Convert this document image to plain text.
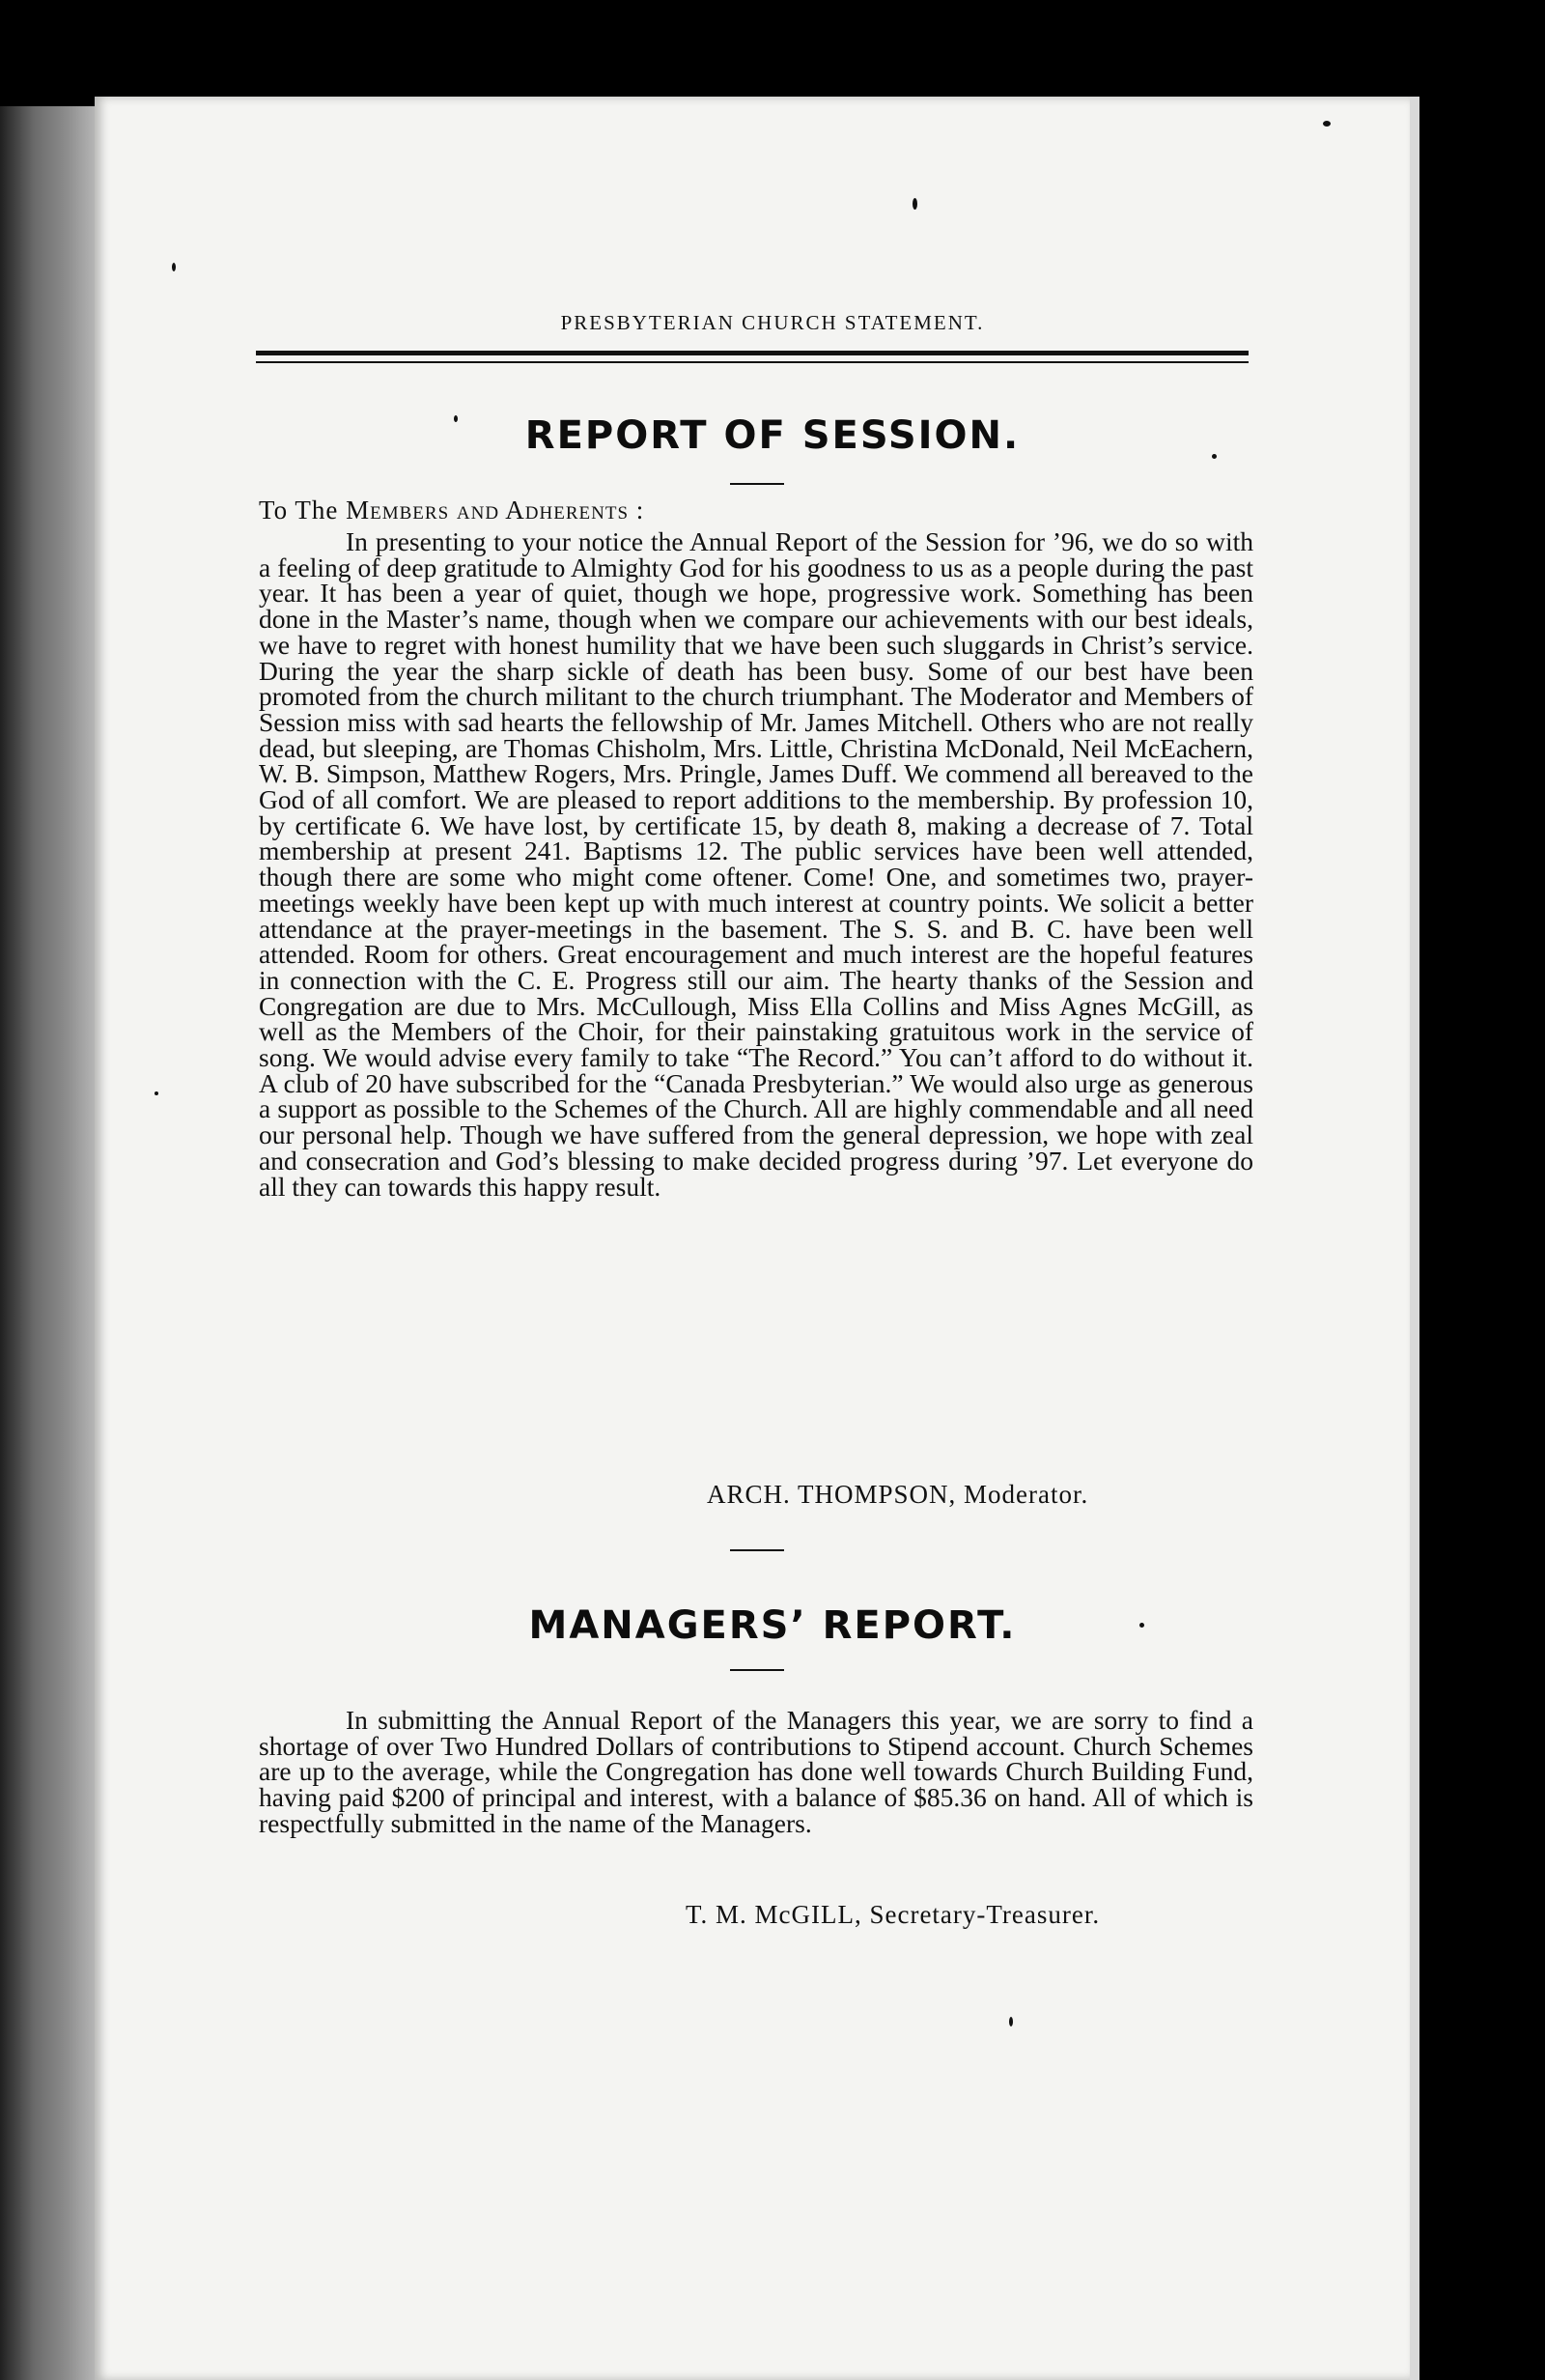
PRESBYTERIAN CHURCH STATEMENT.
REPORT OF SESSION.
To The Members and Adherents :

In presenting to your notice the Annual Report of the Session for ’96, we do so with a feeling of deep gratitude to Almighty God for his goodness to us as a people during the past year. It has been a year of quiet, though we hope, progressive work. Something has been done in the Master’s name, though when we compare our achievements with our best ideals, we have to regret with honest humility that we have been such sluggards in Christ’s service. During the year the sharp sickle of death has been busy. Some of our best have been promoted from the church militant to the church triumphant. The Moderator and Members of Session miss with sad hearts the fellowship of Mr. James Mitchell. Others who are not really dead, but sleeping, are Thomas Chisholm, Mrs. Little, Christina McDonald, Neil McEachern, W. B. Simpson, Matthew Rogers, Mrs. Pringle, James Duff. We commend all bereaved to the God of all comfort. We are pleased to report additions to the membership. By profession 10, by certificate 6. We have lost, by certificate 15, by death 8, making a decrease of 7. Total membership at present 241. Baptisms 12. The public services have been well attended, though there are some who might come oftener. Come! One, and sometimes two, prayer-meetings weekly have been kept up with much interest at country points. We solicit a better attendance at the prayer-meetings in the basement. The S. S. and B. C. have been well attended. Room for others. Great encouragement and much interest are the hopeful features in connection with the C. E. Progress still our aim. The hearty thanks of the Session and Congregation are due to Mrs. McCullough, Miss Ella Collins and Miss Agnes McGill, as well as the Members of the Choir, for their painstaking gratuitous work in the service of song. We would advise every family to take “The Record.” You can’t afford to do without it. A club of 20 have subscribed for the “Canada Presbyterian.” We would also urge as generous a support as possible to the Schemes of the Church. All are highly commendable and all need our personal help. Though we have suffered from the general depression, we hope with zeal and consecration and God’s blessing to make decided progress during ’97. Let everyone do all they can towards this happy result.

ARCH. THOMPSON, Moderator.
MANAGERS’ REPORT.

In submitting the Annual Report of the Managers this year, we are sorry to find a shortage of over Two Hundred Dollars of contributions to Stipend account. Church Schemes are up to the average, while the Congregation has done well towards Church Building Fund, having paid $200 of principal and interest, with a balance of $85.36 on hand. All of which is respectfully submitted in the name of the Managers.

T. M. McGILL, Secretary-Treasurer.
